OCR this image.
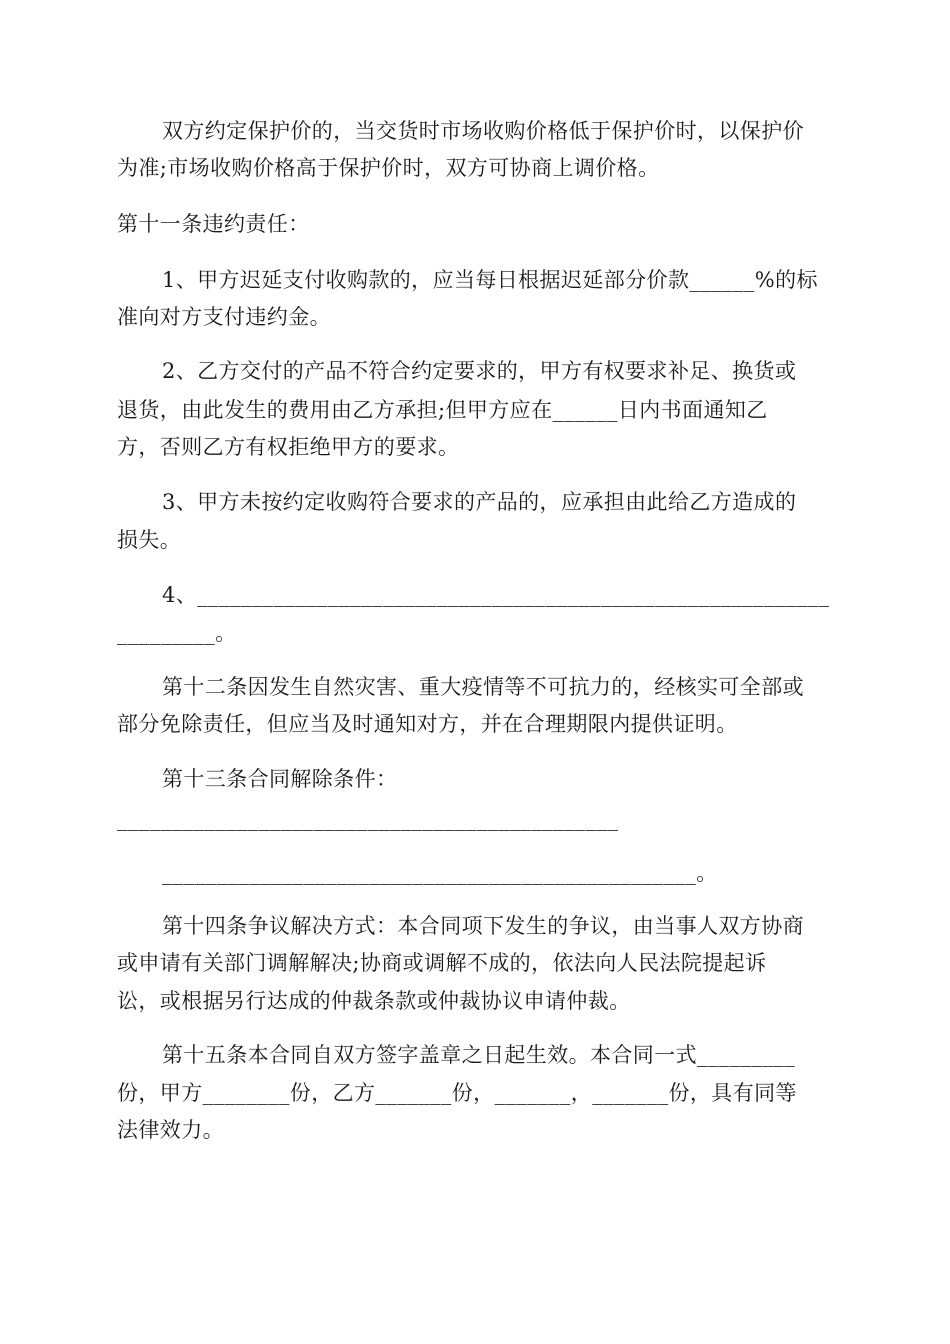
双方约定保护价的，当交货时市场收购价格低于保护价时，以保护价
为准;市场收购价格高于保护价时，双方可协商上调价格。
第十一条违约责任：
1、甲方迟延支付收购款的，应当每日根据迟延部分价款______%的标
准向对方支付违约金。
2、乙方交付的产品不符合约定要求的，甲方有权要求补足、换货或
退货，由此发生的费用由乙方承担;但甲方应在______日内书面通知乙
方，否则乙方有权拒绝甲方的要求。
3、甲方未按约定收购符合要求的产品的，应承担由此给乙方造成的
损失。
4、__________________________________________________________
_________。
第十二条因发生自然灾害、重大疫情等不可抗力的，经核实可全部或
部分免除责任，但应当及时通知对方，并在合理期限内提供证明。
第十三条合同解除条件：
______________________________________________
_________________________________________________。
第十四条争议解决方式：本合同项下发生的争议，由当事人双方协商
或申请有关部门调解解决;协商或调解不成的，依法向人民法院提起诉
讼，或根据另行达成的仲裁条款或仲裁协议申请仲裁。
第十五条本合同自双方签字盖章之日起生效。本合同一式_________
份，甲方________份，乙方_______份，_______，_______份，具有同等
法律效力。
